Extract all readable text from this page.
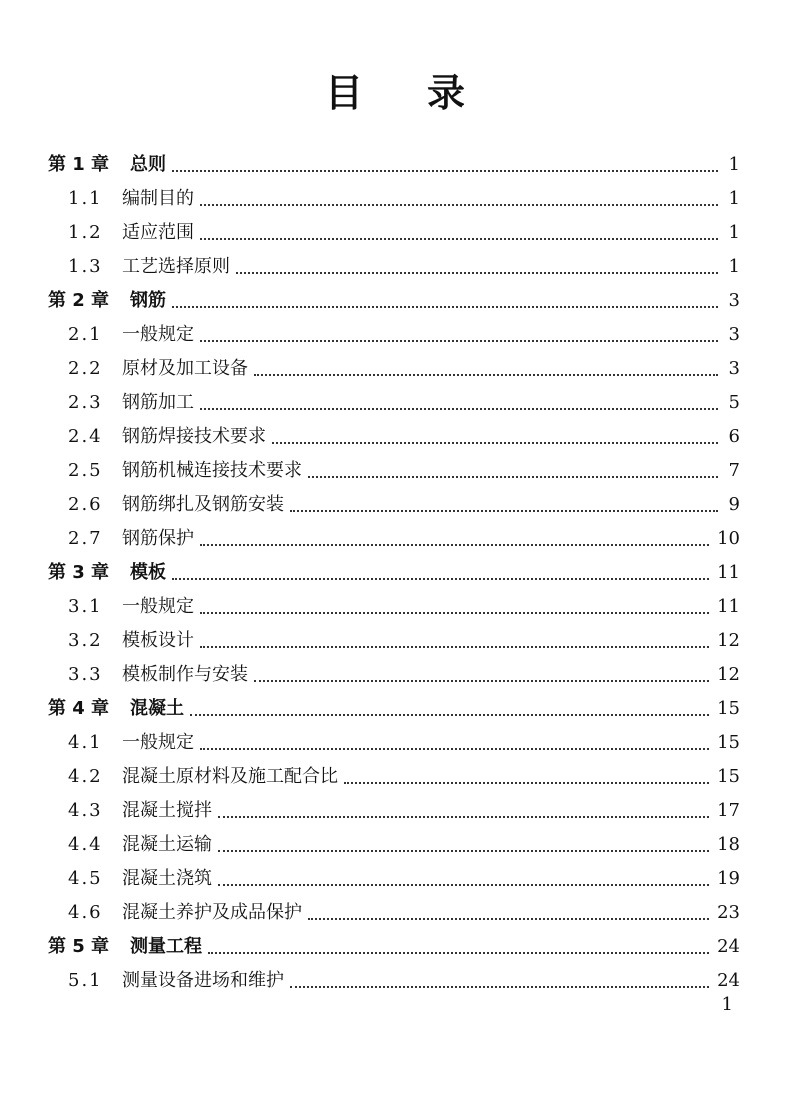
目 录
第 1 章	总则	1
1.1	编制目的	1
1.2	适应范围	1
1.3	工艺选择原则	1
第 2 章	钢筋	3
2.1	一般规定	3
2.2	原材及加工设备	3
2.3	钢筋加工	5
2.4	钢筋焊接技术要求	6
2.5	钢筋机械连接技术要求	7
2.6	钢筋绑扎及钢筋安装	9
2.7	钢筋保护	10
第 3 章	模板	11
3.1	一般规定	11
3.2	模板设计	12
3.3	模板制作与安装	12
第 4 章	混凝土	15
4.1	一般规定	15
4.2	混凝土原材料及施工配合比	15
4.3	混凝土搅拌	17
4.4	混凝土运输	18
4.5	混凝土浇筑	19
4.6	混凝土养护及成品保护	23
第 5 章	测量工程	24
5.1	测量设备进场和维护	24
1
